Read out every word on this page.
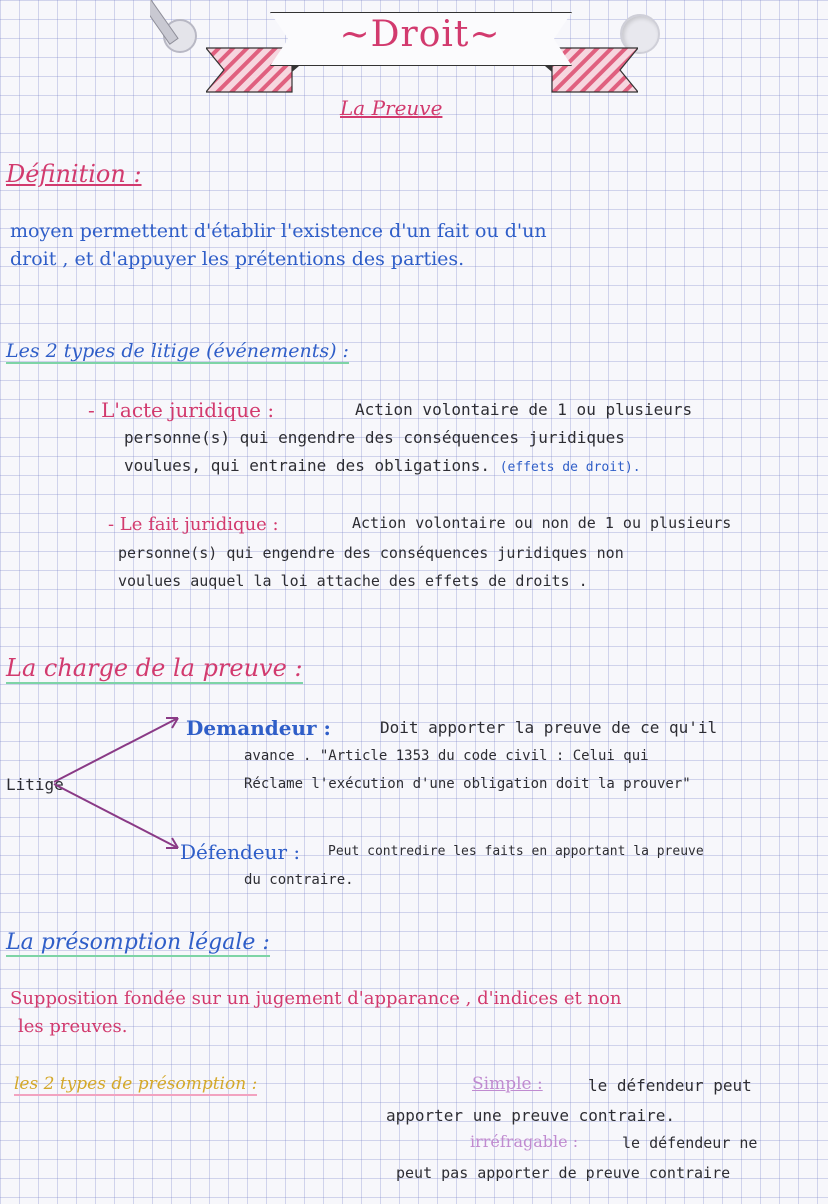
~Droit~
La Preuve
Définition :
moyen permettent d'établir l'existence d'un fait ou d'un
droit , et d'appuyer les prétentions des parties.
Les 2 types de litige (événements) :
- L'acte juridique :	Action volontaire de 1 ou plusieurs
personne(s) qui engendre des conséquences juridiques
voulues, qui entraine des obligations. (effets de droit).
- Le fait juridique :	Action volontaire ou non de 1 ou plusieurs
personne(s) qui engendre des conséquences juridiques non
voulues auquel la loi attache des effets de droits .
La charge de la preuve :
Litige
Demandeur :	Doit apporter la preuve de ce qu'il
avance . "Article 1353 du code civil : Celui qui
Réclame l'exécution d'une obligation doit la prouver"
Défendeur : Peut contredire les faits en apportant la preuve
du contraire.
La présomption légale :
Supposition fondée sur un jugement d'apparance , d'indices et non
les preuves.
les 2 types de présomption :	Simple :	le défendeur peut
apporter une preuve contraire.
irréfragable :	le défendeur ne
peut pas apporter de preuve contraire
